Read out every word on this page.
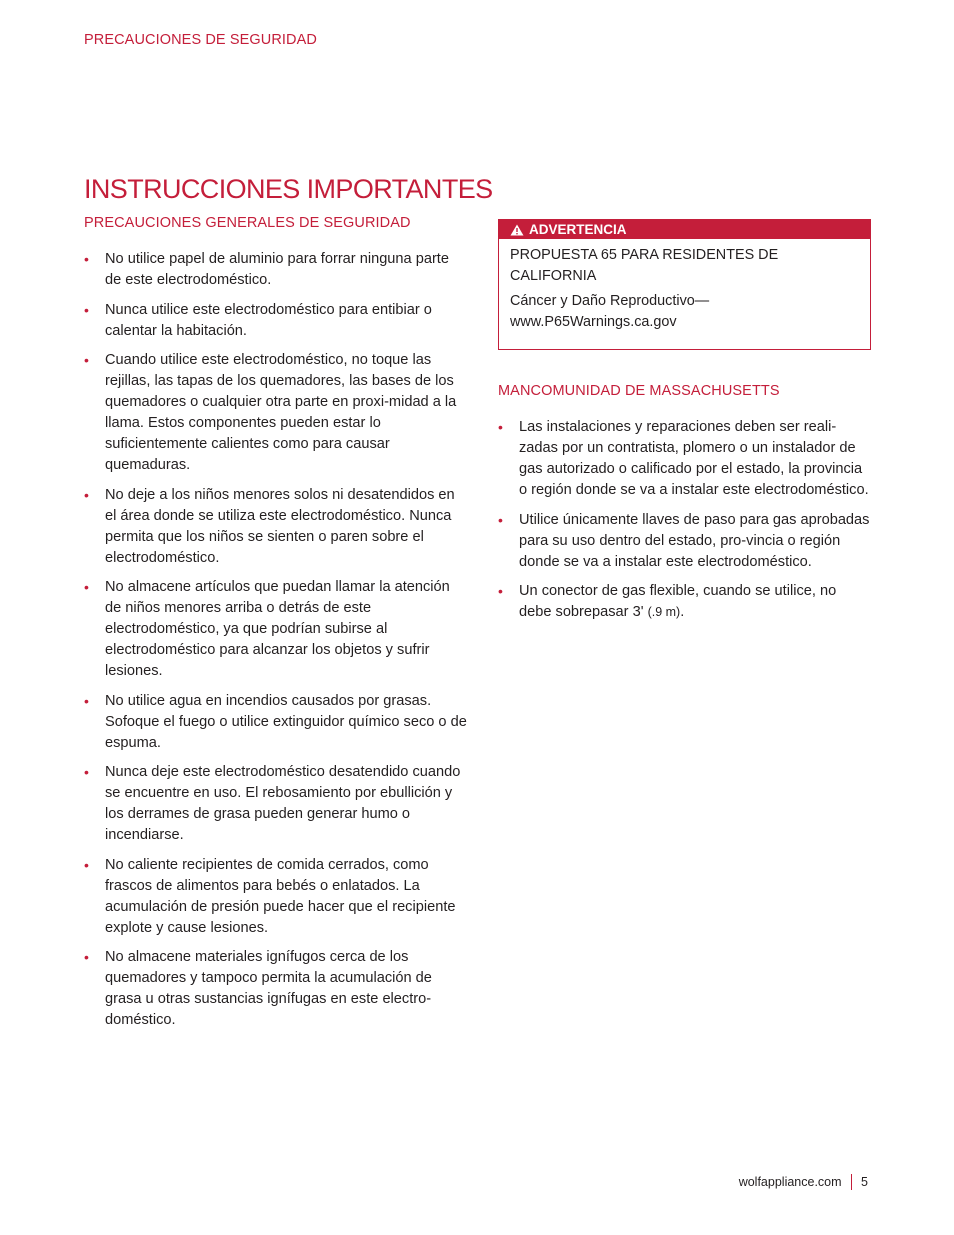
PRECAUCIONES DE SEGURIDAD
INSTRUCCIONES IMPORTANTES
PRECAUCIONES GENERALES DE SEGURIDAD
• No utilice papel de aluminio para forrar ninguna parte de este electrodoméstico.
• Nunca utilice este electrodoméstico para entibiar o calentar la habitación.
• Cuando utilice este electrodoméstico, no toque las rejillas, las tapas de los quemadores, las bases de los quemadores o cualquier otra parte en proxi-midad a la llama. Estos componentes pueden estar lo suficientemente calientes como para causar quemaduras.
• No deje a los niños menores solos ni desatendidos en el área donde se utiliza este electrodoméstico. Nunca permita que los niños se sienten o paren sobre el electrodoméstico.
• No almacene artículos que puedan llamar la atención de niños menores arriba o detrás de este electrodoméstico, ya que podrían subirse al electrodoméstico para alcanzar los objetos y sufrir lesiones.
• No utilice agua en incendios causados por grasas. Sofoque el fuego o utilice extinguidor químico seco o de espuma.
• Nunca deje este electrodoméstico desatendido cuando se encuentre en uso. El rebosamiento por ebullición y los derrames de grasa pueden generar humo o incendiarse.
• No caliente recipientes de comida cerrados, como frascos de alimentos para bebés o enlatados. La acumulación de presión puede hacer que el recipiente explote y cause lesiones.
• No almacene materiales ignífugos cerca de los quemadores y tampoco permita la acumulación de grasa u otras sustancias ignífugas en este electro-doméstico.
ADVERTENCIA

PROPUESTA 65 PARA RESIDENTES DE CALIFORNIA

Cáncer y Daño Reproductivo—

www.P65Warnings.ca.gov

MANCOMUNIDAD DE MASSACHUSETTS
• Las instalaciones y reparaciones deben ser reali-zadas por un contratista, plomero o un instalador de gas autorizado o calificado por el estado, la provincia o región donde se va a instalar este electrodoméstico.
• Utilice únicamente llaves de paso para gas aprobadas para su uso dentro del estado, pro-vincia o región donde se va a instalar este electrodoméstico.
• Un conector de gas flexible, cuando se utilice, no debe sobrepasar 3' (.9 m).
wolfappliance.com 5
